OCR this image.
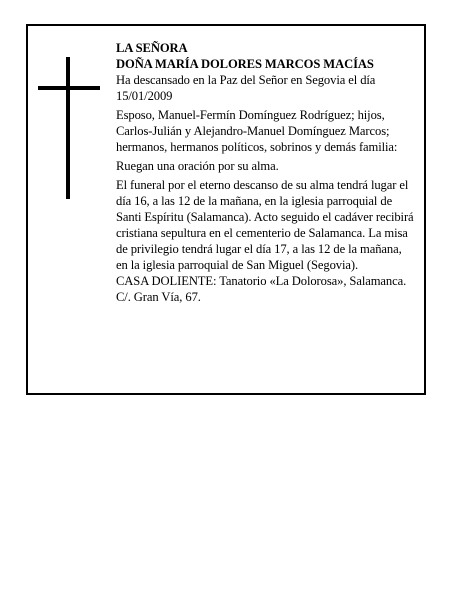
LA SEÑORA
DOÑA MARÍA DOLORES MARCOS MACÍAS

Ha descansado en la Paz del Señor en Segovia el día 15/01/2009

Esposo, Manuel-Fermín Domínguez Rodríguez; hijos, Carlos-Julián y Alejandro-Manuel Domínguez Marcos; hermanos, hermanos políticos, sobrinos y demás familia:

Ruegan una oración por su alma.

El funeral por el eterno descanso de su alma tendrá lugar el día 16, a las 12 de la mañana, en la iglesia parroquial de Santi Espíritu (Salamanca). Acto seguido el cadáver recibirá cristiana sepultura en el cementerio de Salamanca. La misa de privilegio tendrá lugar el día 17, a las 12 de la mañana, en la iglesia parroquial de San Miguel (Segovia).

CASA DOLIENTE: Tanatorio «La Dolorosa», Salamanca. C/. Gran Vía, 67.
